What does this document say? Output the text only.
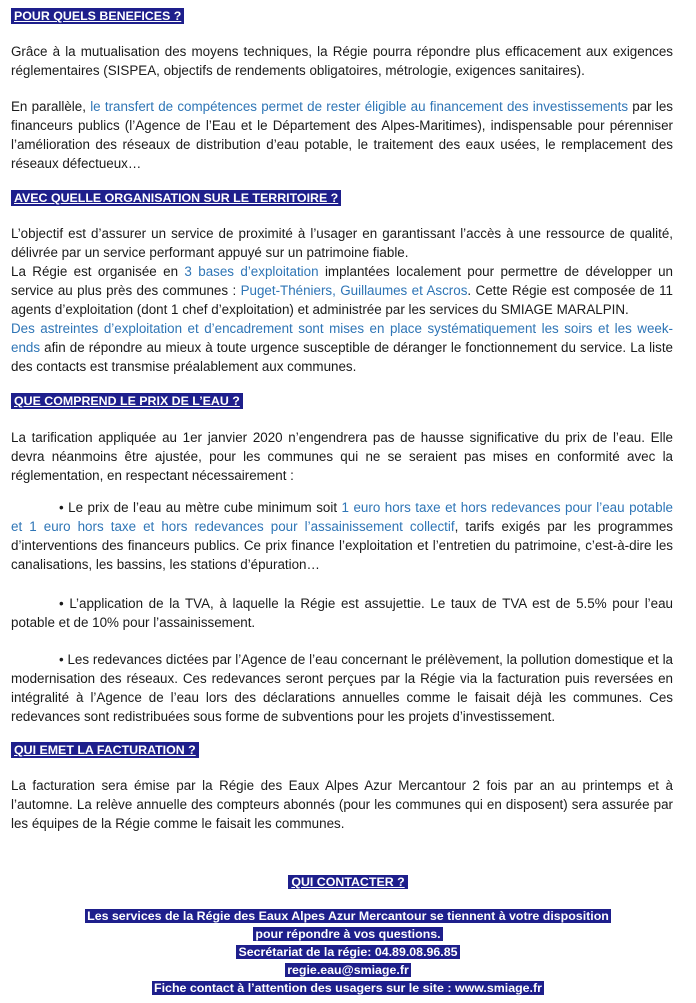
POUR QUELS BENEFICES ?

Grâce à la mutualisation des moyens techniques, la Régie pourra répondre plus efficacement aux exigences réglementaires (SISPEA, objectifs de rendements obligatoires, métrologie, exigences sanitaires).

En parallèle, le transfert de compétences permet de rester éligible au financement des investissements par les financeurs publics (l’Agence de l’Eau et le Département des Alpes-Maritimes), indispensable pour pérenniser l’amélioration des réseaux de distribution d’eau potable, le traitement des eaux usées, le remplacement des réseaux défectueux…

AVEC QUELLE ORGANISATION SUR LE TERRITOIRE ?

L’objectif est d’assurer un service de proximité à l’usager en garantissant l’accès à une ressource de qualité, délivrée par un service performant appuyé sur un patrimoine fiable.

La Régie est organisée en 3 bases d’exploitation implantées localement pour permettre de développer un service au plus près des communes : Puget-Théniers, Guillaumes et Ascros. Cette Régie est composée de 11 agents d’exploitation (dont 1 chef d’exploitation) et administrée par les services du SMIAGE MARALPIN.

Des astreintes d’exploitation et d’encadrement sont mises en place systématiquement les soirs et les week-ends afin de répondre au mieux à toute urgence susceptible de déranger le fonctionnement du service. La liste des contacts est transmise préalablement aux communes.

QUE COMPREND LE PRIX DE L’EAU ?

La tarification appliquée au 1er janvier 2020 n’engendrera pas de hausse significative du prix de l’eau. Elle devra néanmoins être ajustée, pour les communes qui ne se seraient pas mises en conformité avec la réglementation, en respectant nécessairement :

• Le prix de l’eau au mètre cube minimum soit 1 euro hors taxe et hors redevances pour l’eau potable et 1 euro hors taxe et hors redevances pour l’assainissement collectif, tarifs exigés par les programmes d’interventions des financeurs publics. Ce prix finance l’exploitation et l’entretien du patrimoine, c’est-à-dire les canalisations, les bassins, les stations d’épuration…

• L’application de la TVA, à laquelle la Régie est assujettie. Le taux de TVA est de 5.5% pour l’eau potable et de 10% pour l’assainissement.

• Les redevances dictées par l’Agence de l’eau concernant le prélèvement, la pollution domestique et la modernisation des réseaux. Ces redevances seront perçues par la Régie via la facturation puis reversées en intégralité à l’Agence de l’eau lors des déclarations annuelles comme le faisait déjà les communes. Ces redevances sont redistribuées sous forme de subventions pour les projets d’investissement.

QUI EMET LA FACTURATION ?

La facturation sera émise par la Régie des Eaux Alpes Azur Mercantour 2 fois par an au printemps et à l’automne. La relève annuelle des compteurs abonnés (pour les communes qui en disposent) sera assurée par les équipes de la Régie comme le faisait les communes.

QUI CONTACTER ?
Les services de la Régie des Eaux Alpes Azur Mercantour se tiennent à votre disposition
pour répondre à vos questions.
Secrétariat de la régie: 04.89.08.96.85
regie.eau@smiage.fr
Fiche contact à l’attention des usagers sur le site : www.smiage.fr
